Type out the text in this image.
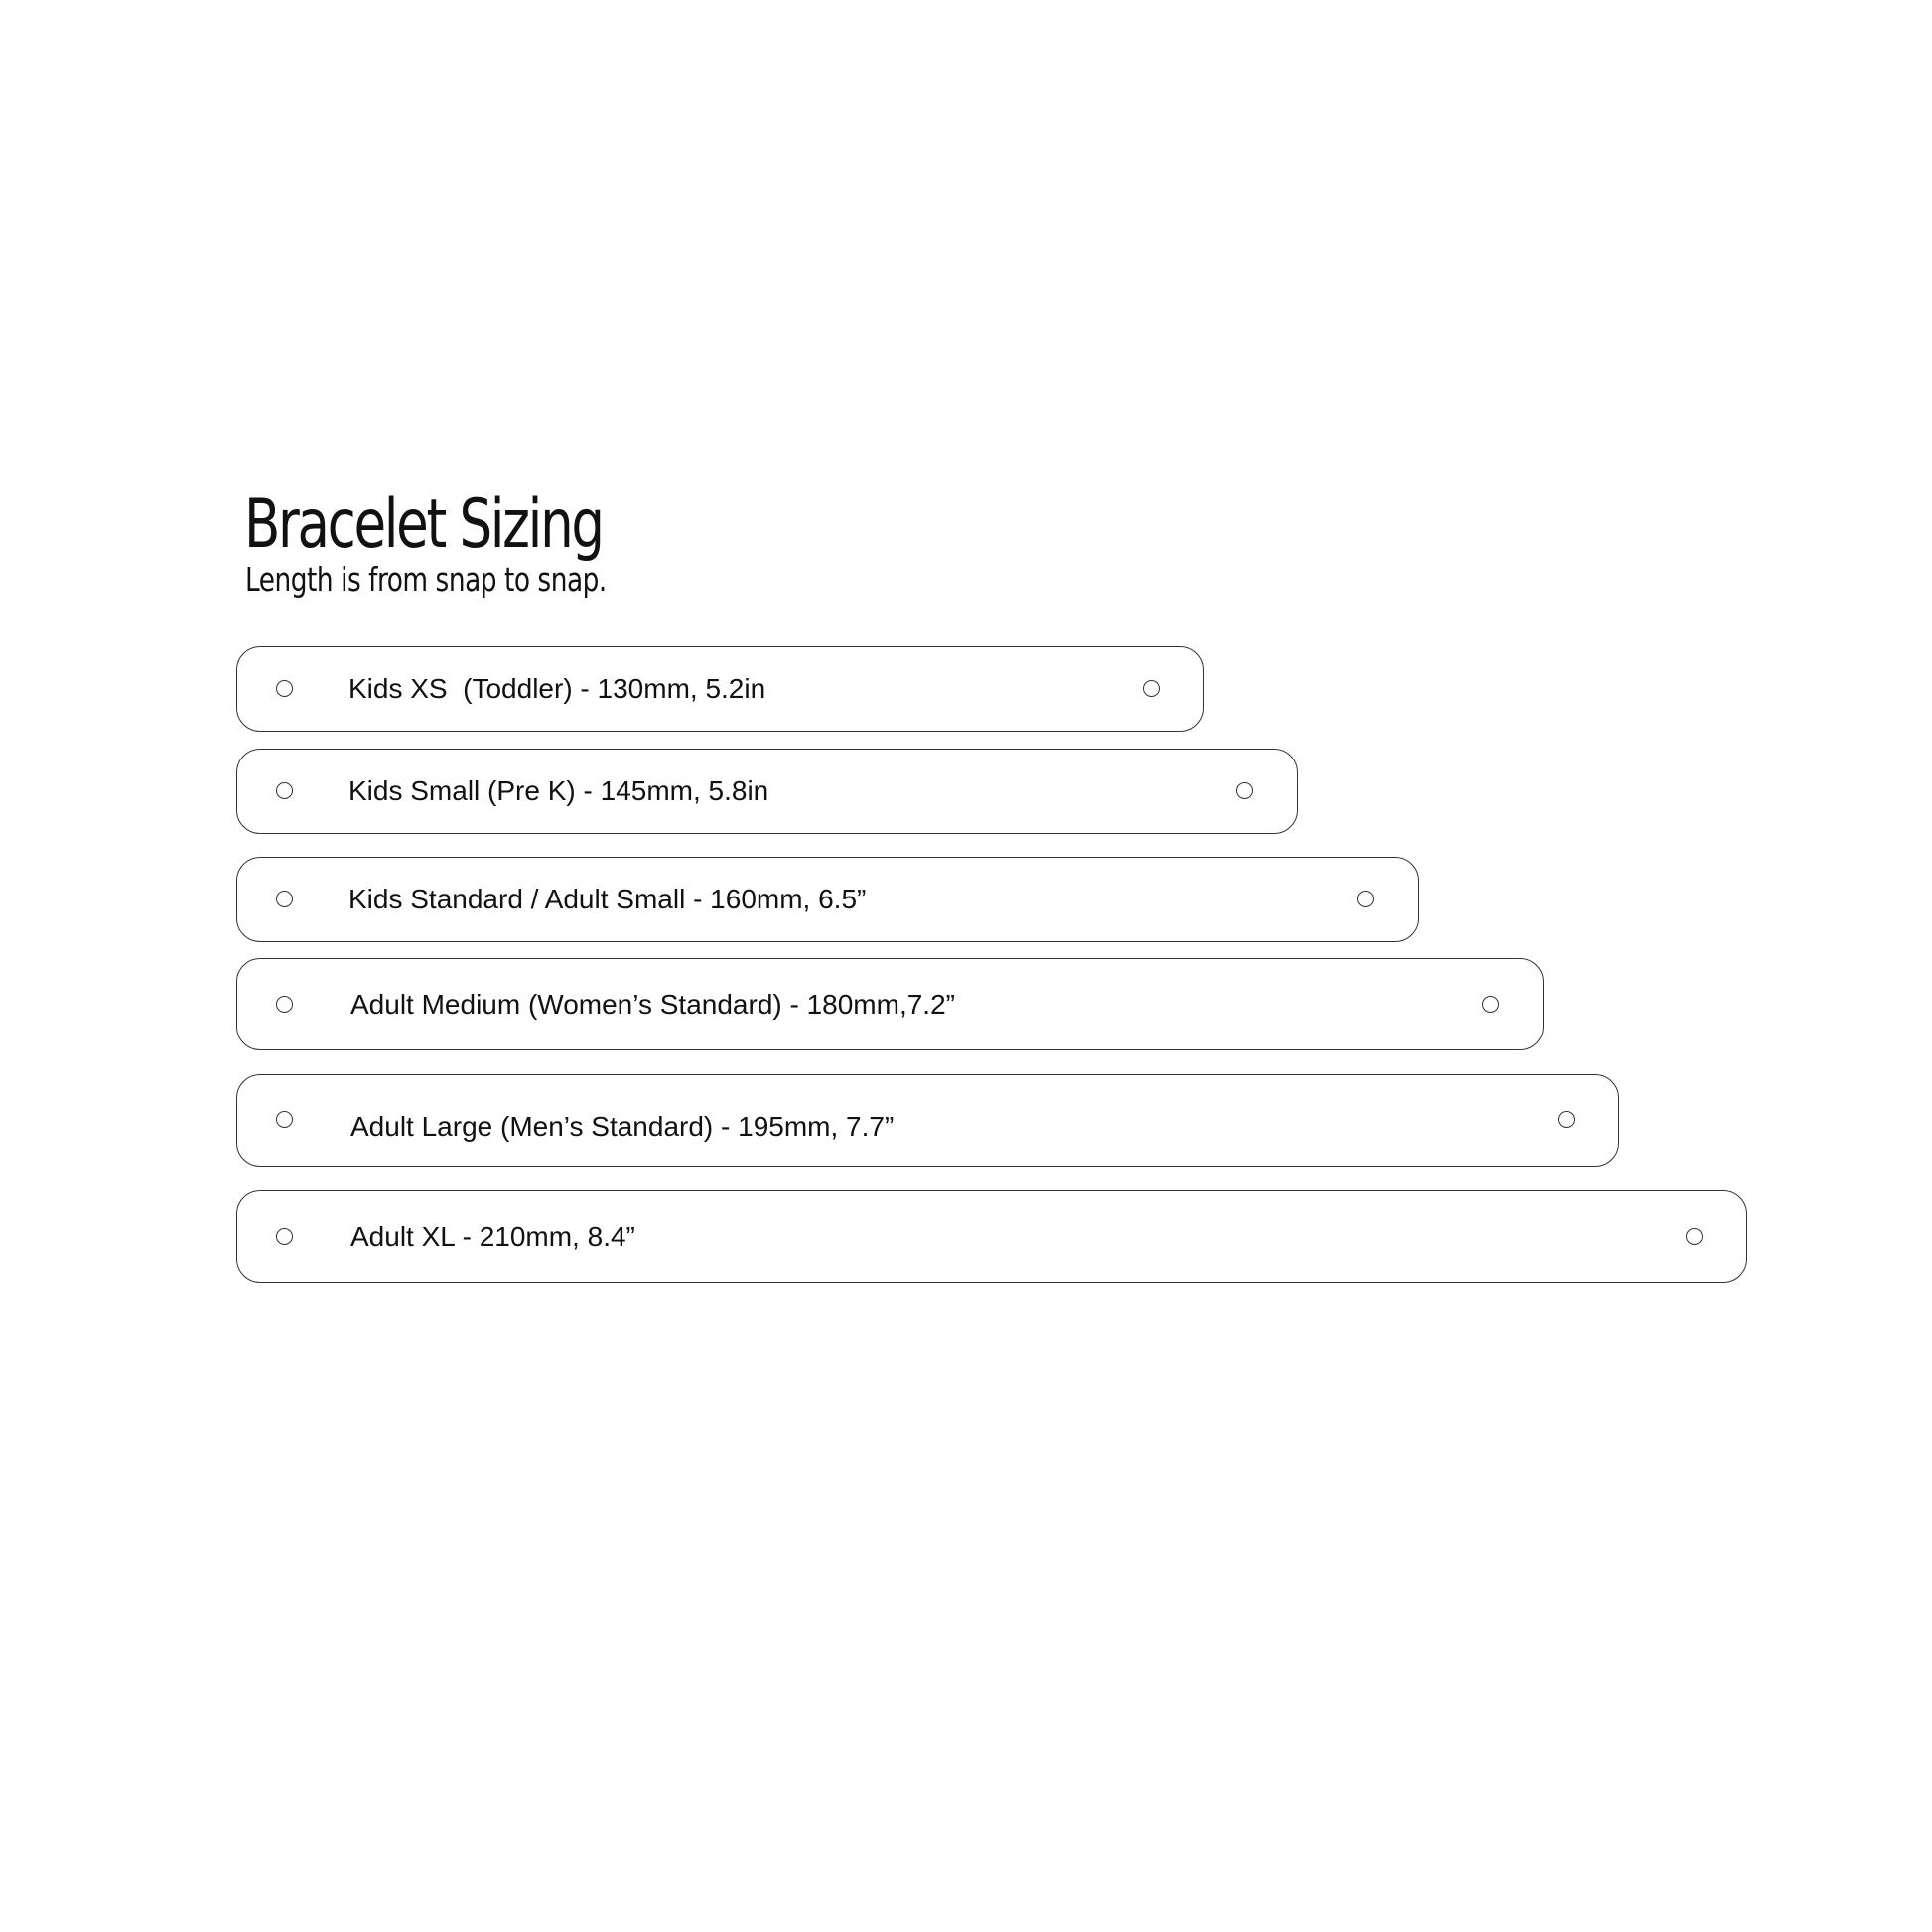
Bracelet Sizing

Length is from snap to snap.

Kids XS  (Toddler) - 130mm, 5.2in
Kids Small (Pre K) - 145mm, 5.8in
Kids Standard / Adult Small - 160mm, 6.5”
Adult Medium (Women’s Standard) - 180mm,7.2”
Adult Large (Men’s Standard) - 195mm, 7.7”
Adult XL - 210mm, 8.4”
